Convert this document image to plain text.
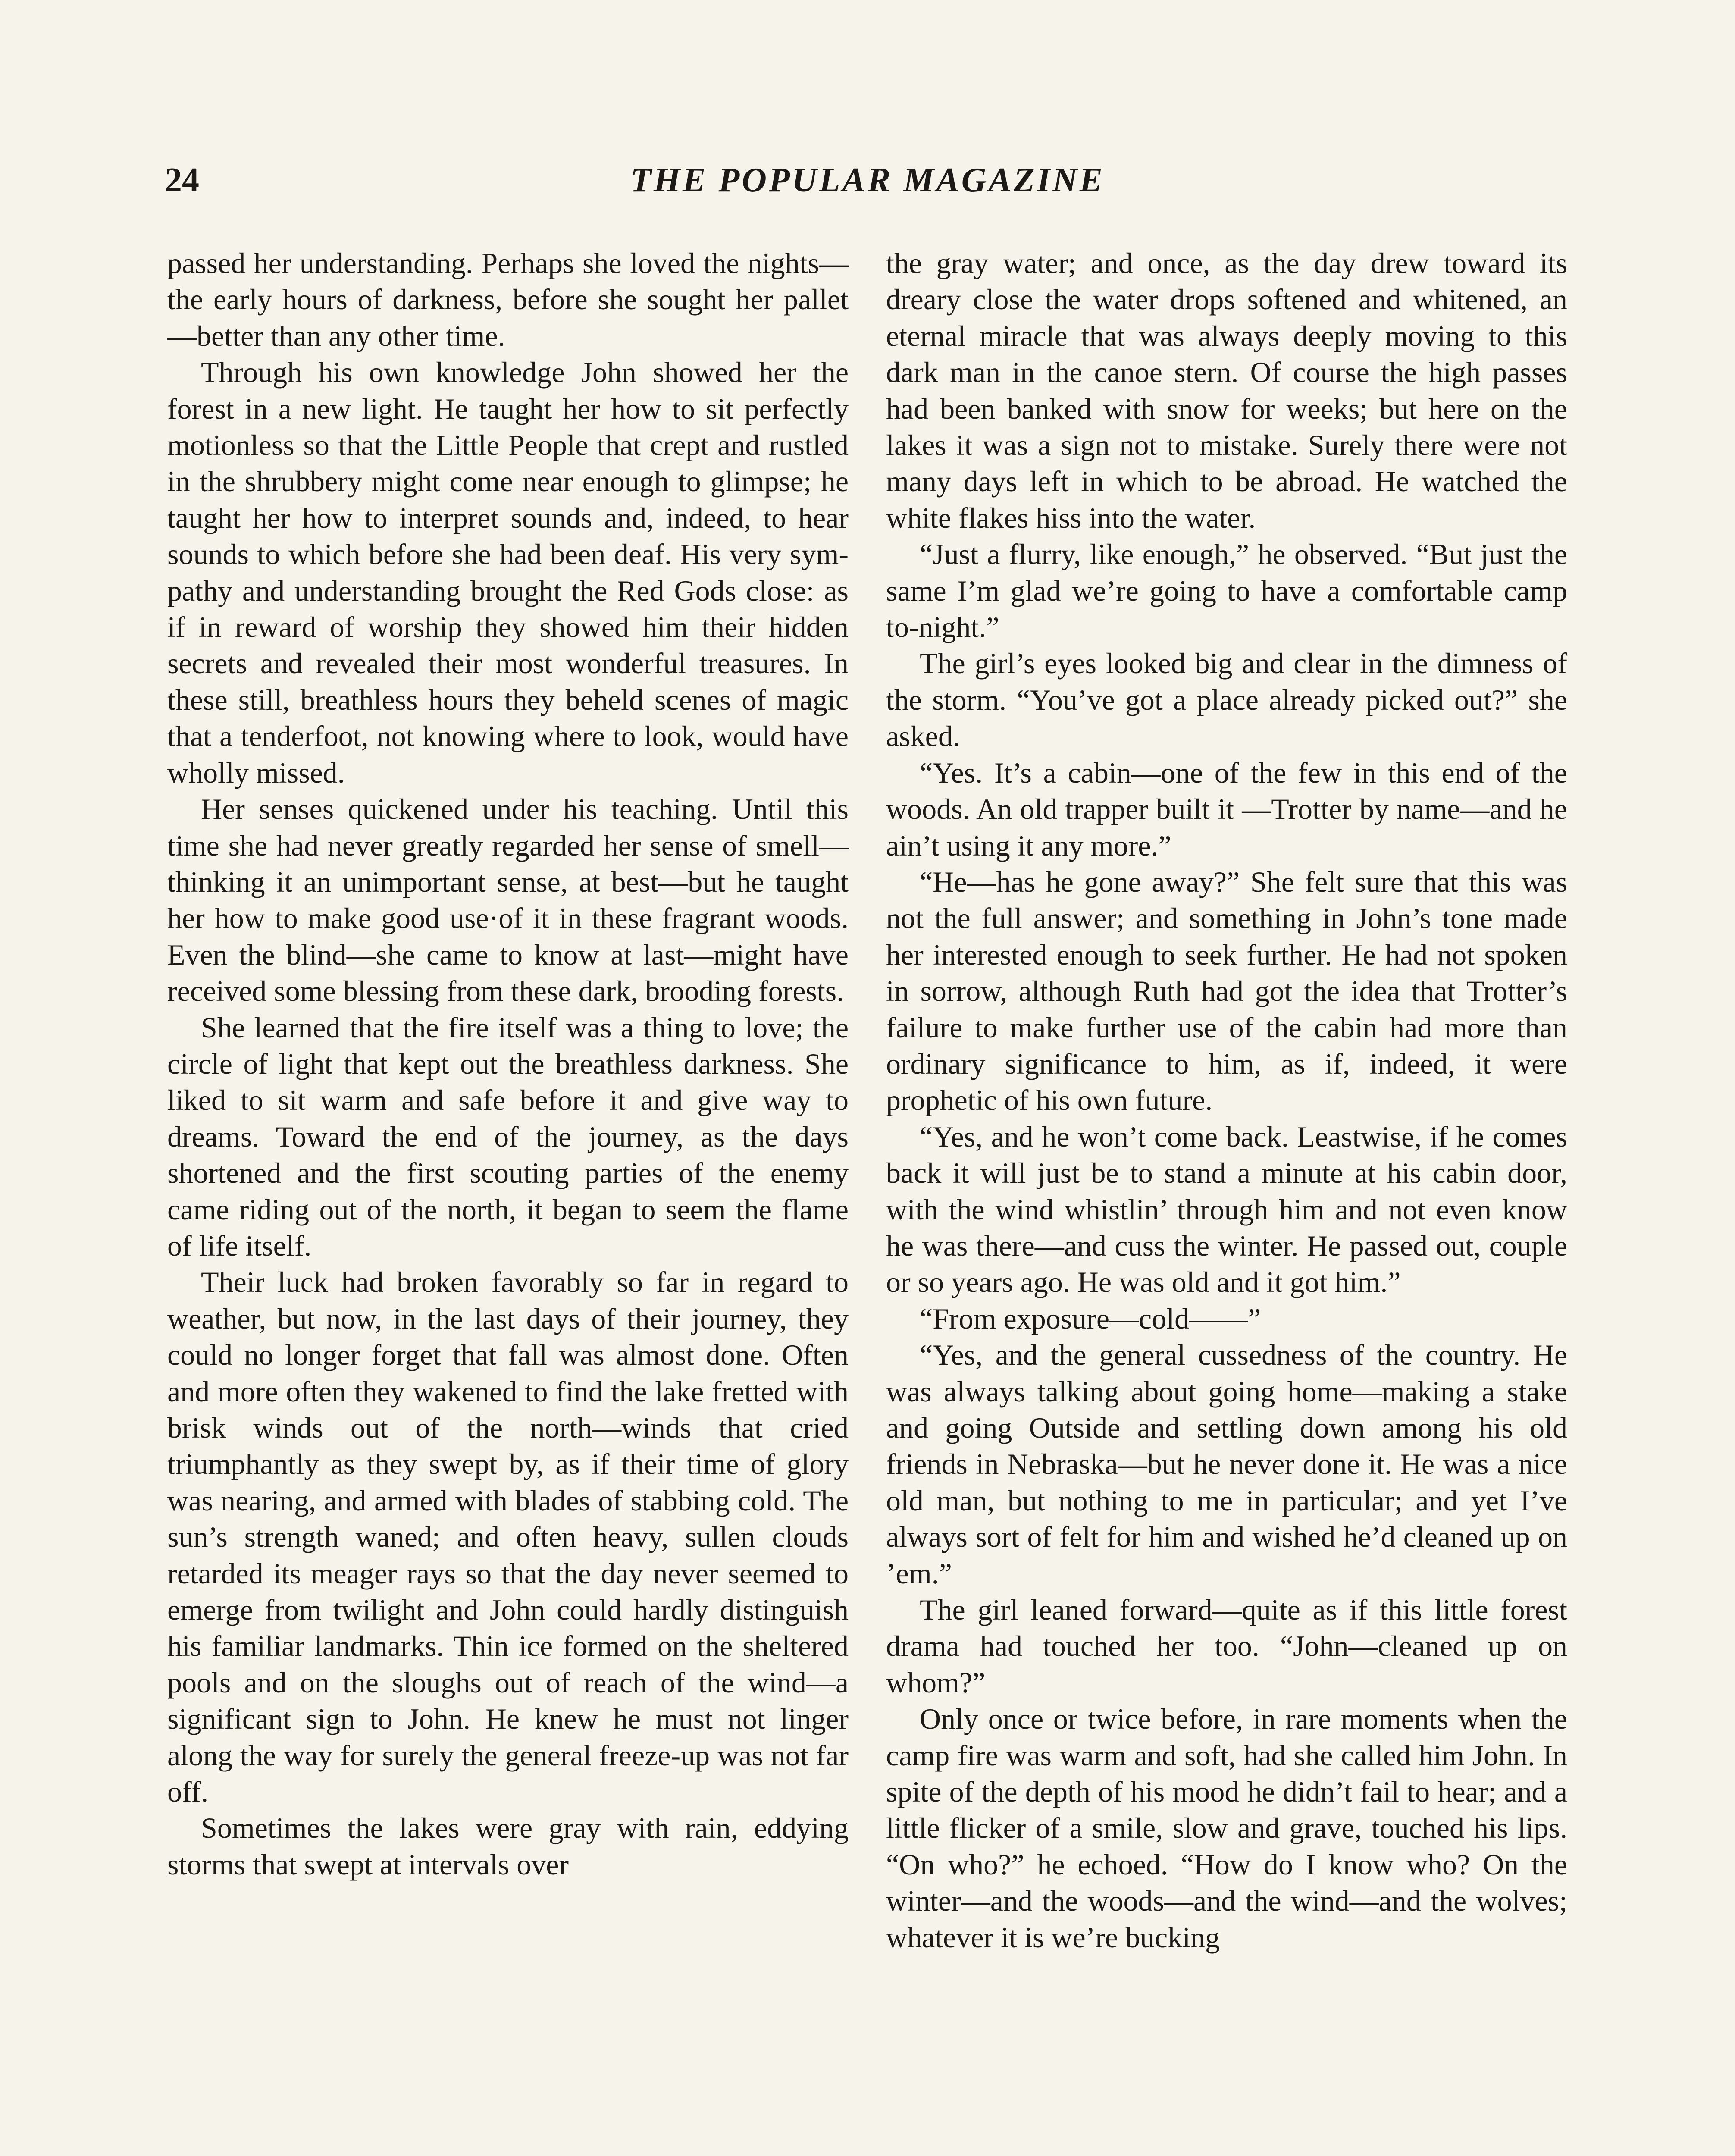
24	THE POPULAR MAGAZINE

passed her understanding. Perhaps she loved the nights—the early hours of darkness, before she sought her pallet—better than any other time.

Through his own knowledge John showed her the forest in a new light. He taught her how to sit perfectly motionless so that the Little People that crept and rustled in the shrubbery might come near enough to glimpse; he taught her how to interpret sounds and, indeed, to hear sounds to which before she had been deaf. His very sympathy and understanding brought the Red Gods close: as if in reward of worship they showed him their hidden secrets and revealed their most wonderful treasures. In these still, breathless hours they beheld scenes of magic that a tenderfoot, not knowing where to look, would have wholly missed.

Her senses quickened under his teaching. Until this time she had never greatly regarded her sense of smell—thinking it an unimportant sense, at best—but he taught her how to make good use·of it in these fragrant woods. Even the blind—she came to know at last—might have received some blessing from these dark, brooding forests.

She learned that the fire itself was a thing to love; the circle of light that kept out the breathless darkness. She liked to sit warm and safe before it and give way to dreams. Toward the end of the journey, as the days shortened and the first scouting parties of the enemy came riding out of the north, it began to seem the flame of life itself.

Their luck had broken favorably so far in regard to weather, but now, in the last days of their journey, they could no longer forget that fall was almost done. Often and more often they wakened to find the lake fretted with brisk winds out of the north—winds that cried triumphantly as they swept by, as if their time of glory was nearing, and armed with blades of stabbing cold. The sun’s strength waned; and often heavy, sullen clouds retarded its meager rays so that the day never seemed to emerge from twilight and John could hardly distinguish his familiar landmarks. Thin ice formed on the sheltered pools and on the sloughs out of reach of the wind—a significant sign to John. He knew he must not linger along the way for surely the general freeze-up was not far off.

Sometimes the lakes were gray with rain, eddying storms that swept at intervals over

the gray water; and once, as the day drew toward its dreary close the water drops softened and whitened, an eternal miracle that was always deeply moving to this dark man in the canoe stern. Of course the high passes had been banked with snow for weeks; but here on the lakes it was a sign not to mistake. Surely there were not many days left in which to be abroad. He watched the white flakes hiss into the water.

“Just a flurry, like enough,” he observed. “But just the same I’m glad we’re going to have a comfortable camp to-night.”

The girl’s eyes looked big and clear in the dimness of the storm. “You’ve got a place already picked out?” she asked.

“Yes. It’s a cabin—one of the few in this end of the woods. An old trapper built it —Trotter by name—and he ain’t using it any more.”

“He—has he gone away?” She felt sure that this was not the full answer; and something in John’s tone made her interested enough to seek further. He had not spoken in sorrow, although Ruth had got the idea that Trotter’s failure to make further use of the cabin had more than ordinary significance to him, as if, indeed, it were prophetic of his own future.

“Yes, and he won’t come back. Leastwise, if he comes back it will just be to stand a minute at his cabin door, with the wind whistlin’ through him and not even know he was there—and cuss the winter. He passed out, couple or so years ago. He was old and it got him.”

“From exposure—cold——”

“Yes, and the general cussedness of the country. He was always talking about going home—making a stake and going Outside and settling down among his old friends in Nebraska—but he never done it. He was a nice old man, but nothing to me in particular; and yet I’ve always sort of felt for him and wished he’d cleaned up on ’em.”

The girl leaned forward—quite as if this little forest drama had touched her too. “John—cleaned up on whom?”

Only once or twice before, in rare moments when the camp fire was warm and soft, had she called him John. In spite of the depth of his mood he didn’t fail to hear; and a little flicker of a smile, slow and grave, touched his lips. “On who?” he echoed. “How do I know who? On the winter—and the woods—and the wind—and the wolves; whatever it is we’re bucking
